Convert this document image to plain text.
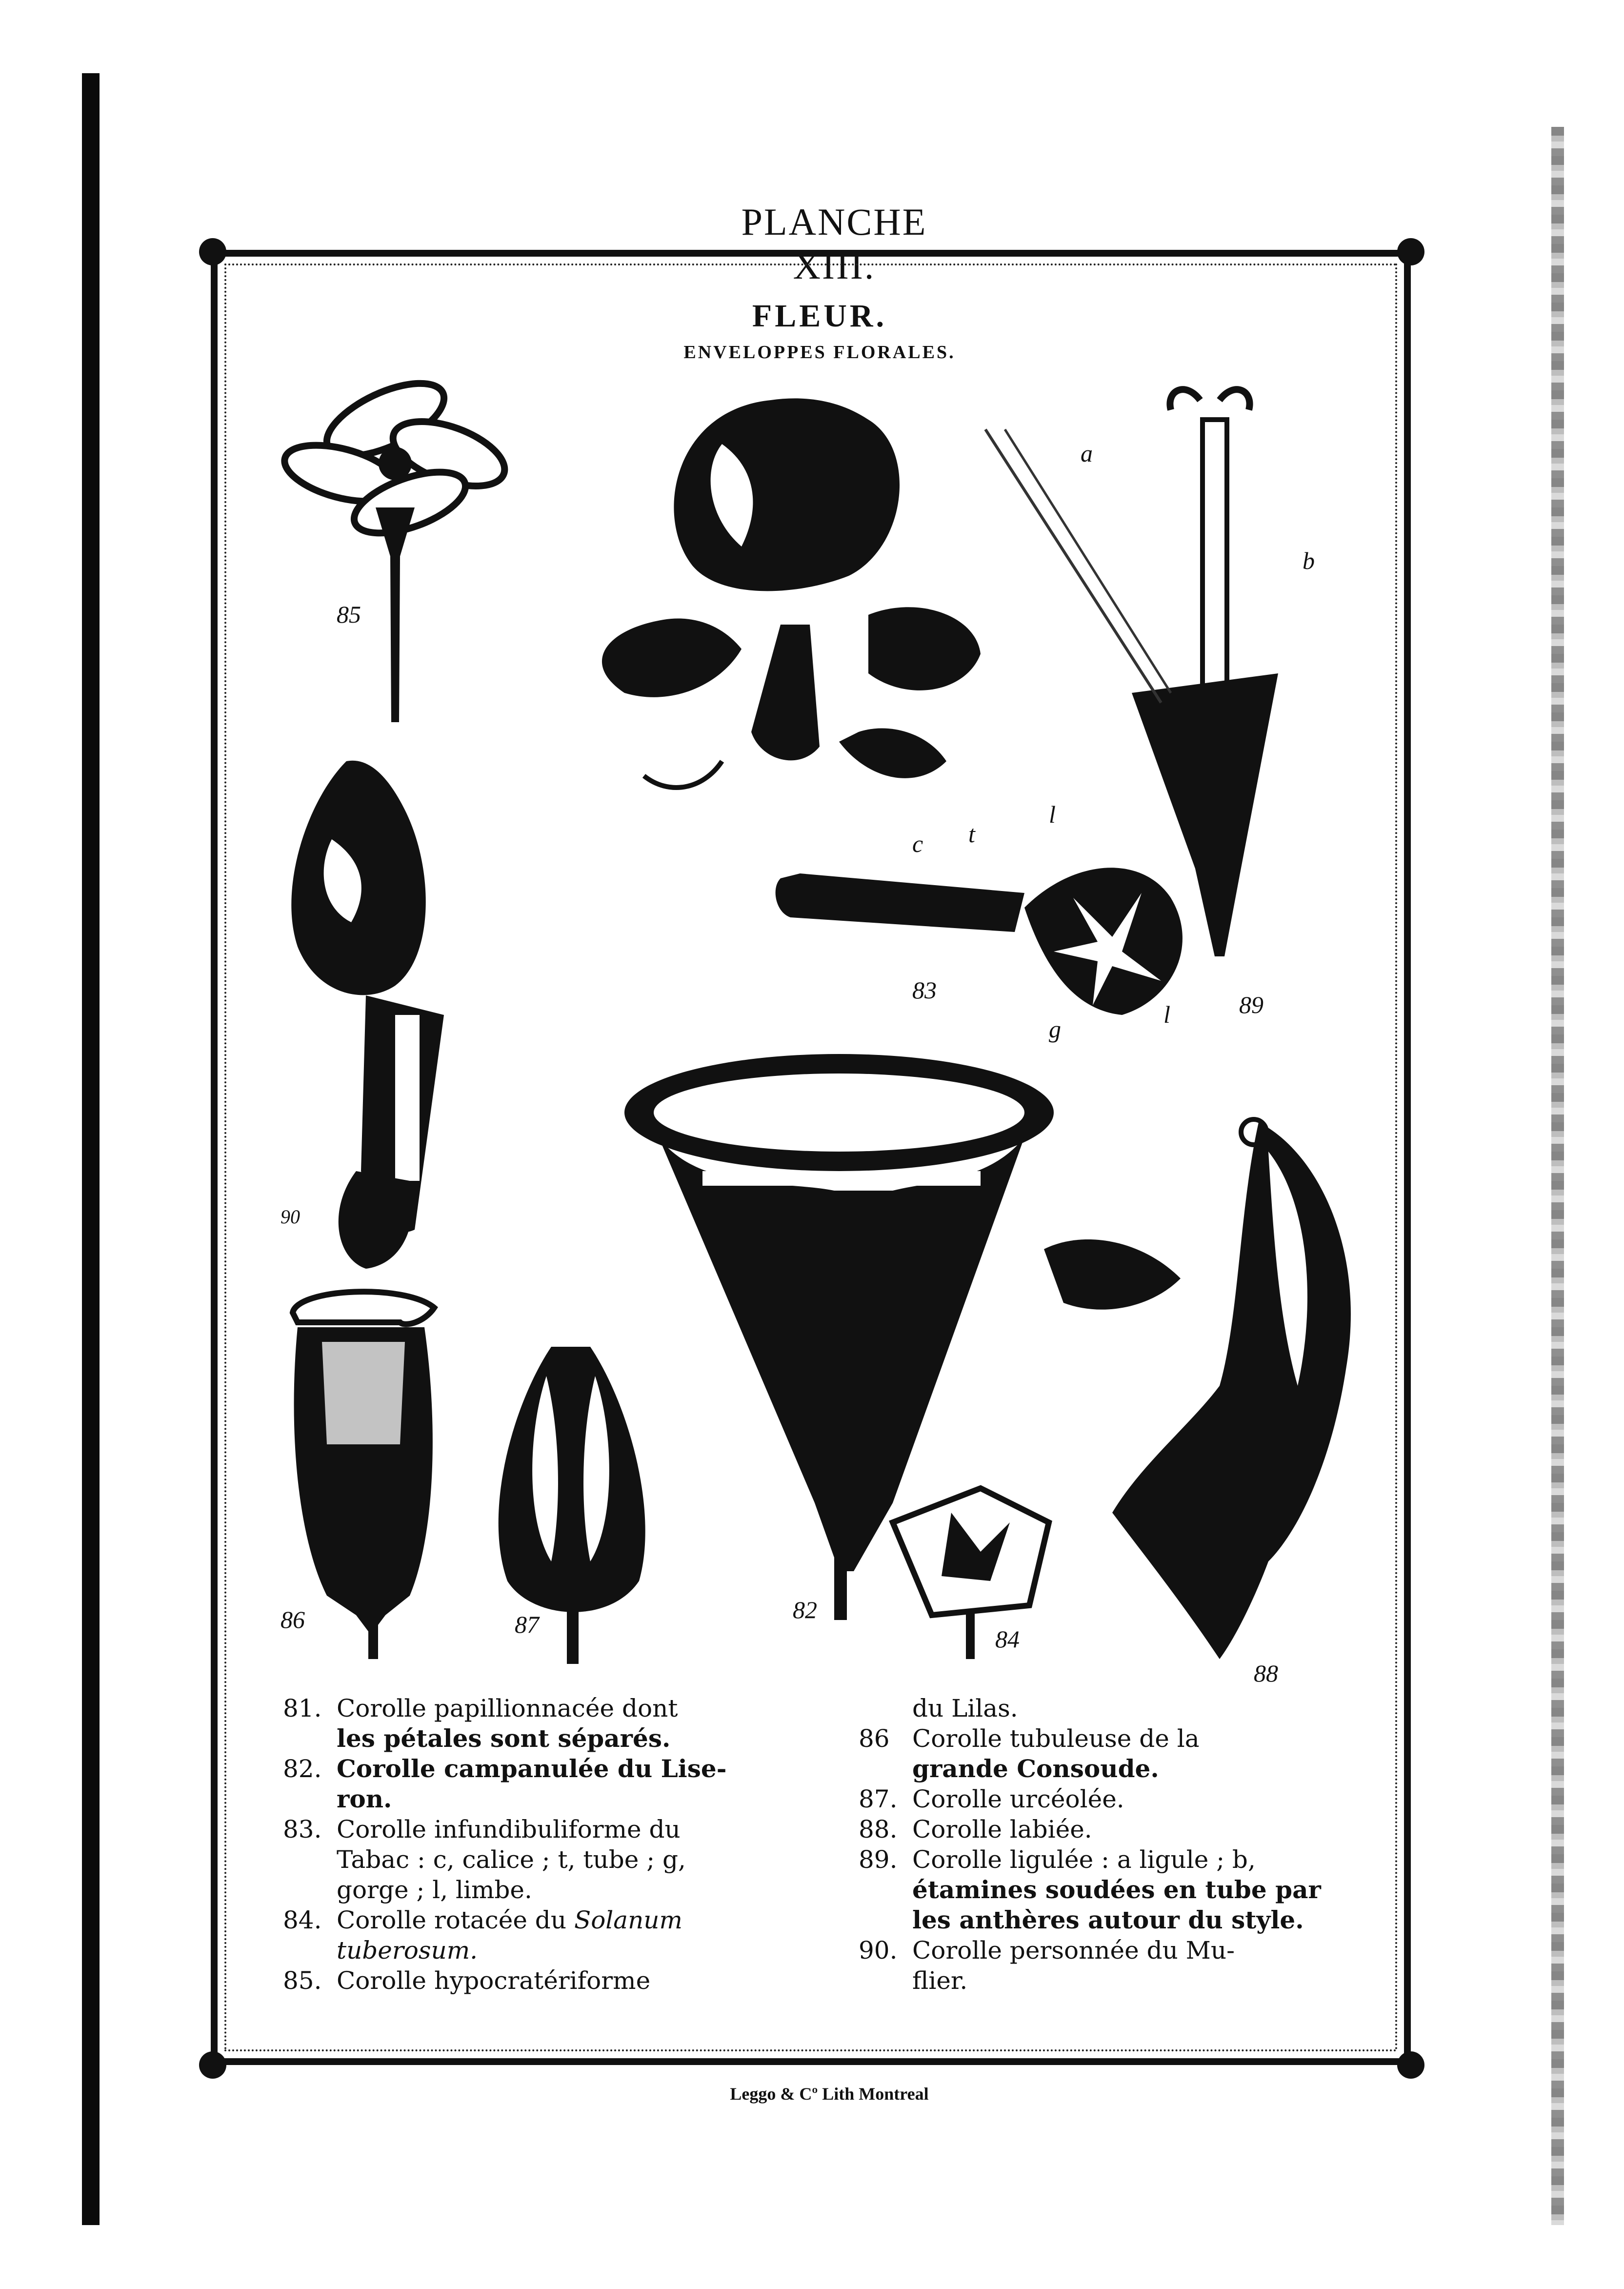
PLANCHE XIII.
FLEUR.
ENVELOPPES FLORALES.
85
90
83
89
86	87
82
84
88
a
b
c t
l
g
l

81. Corolle papillionnacée dont

les pétales sont séparés.

82. Corolle campanulée du Lise-

ron.

83. Corolle infundibuliforme du

Tabac : c, calice ; t, tube ; g,

gorge ; l, limbe.

84. Corolle rotacée du Solanum

tuberosum.

85. Corolle hypocratériforme

du Lilas.

86 Corolle tubuleuse de la

grande Consoude.

87. Corolle urcéolée.

88. Corolle labiée.

89. Corolle ligulée : a ligule ; b,

étamines soudées en tube par

les anthères autour du style.

90. Corolle personnée du Mu-

flier.

Leggo & Cº Lith Montreal
